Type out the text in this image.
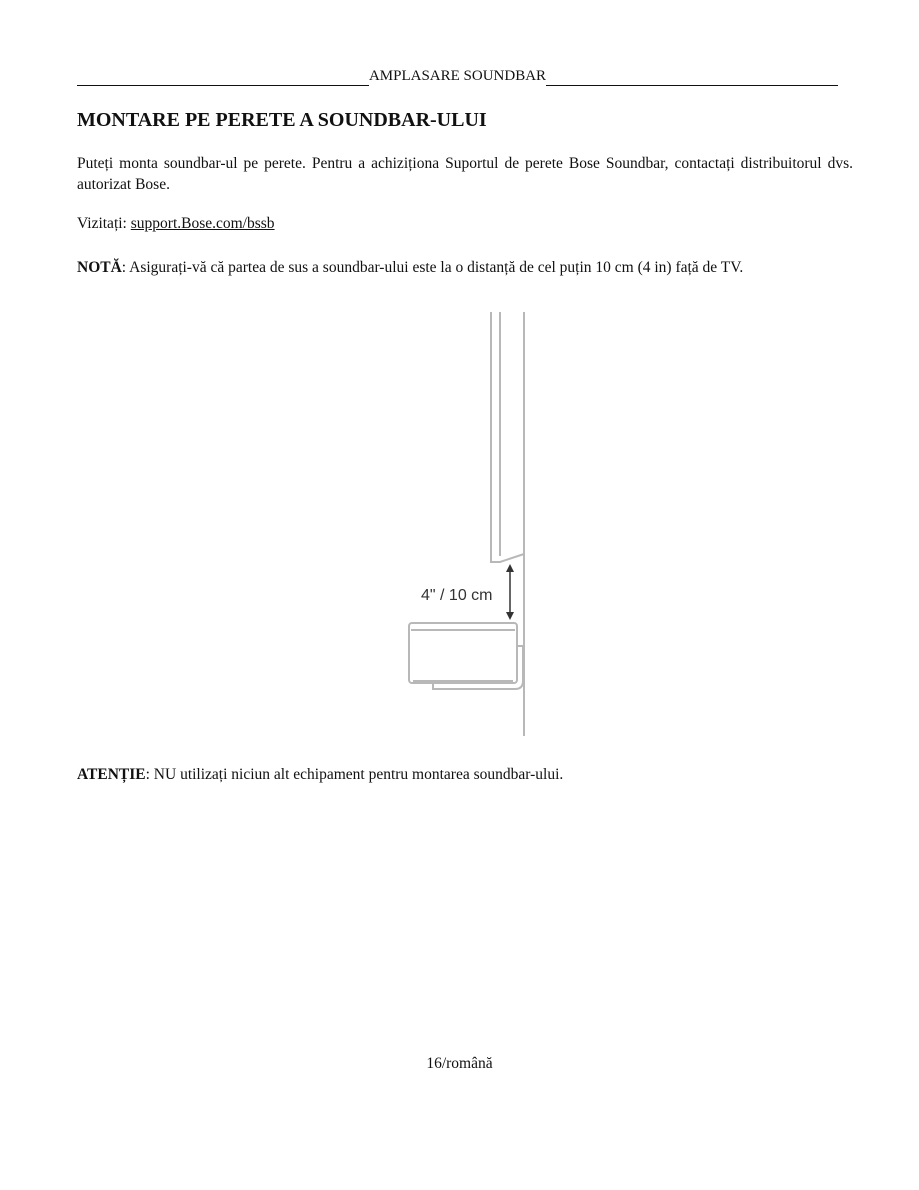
AMPLASARE SOUNDBAR
MONTARE PE PERETE A SOUNDBAR-ULUI

Puteți monta soundbar-ul pe perete. Pentru a achiziționa Suportul de perete Bose Soundbar, contactați distribuitorul dvs. autorizat Bose.

Vizitați: support.Bose.com/bssb

NOTĂ: Asigurați-vă că partea de sus a soundbar-ului este la o distanță de cel puțin 10 cm (4 in) față de TV.

4" / 10 cm

ATENȚIE: NU utilizați niciun alt echipament pentru montarea soundbar-ului.

16/română
